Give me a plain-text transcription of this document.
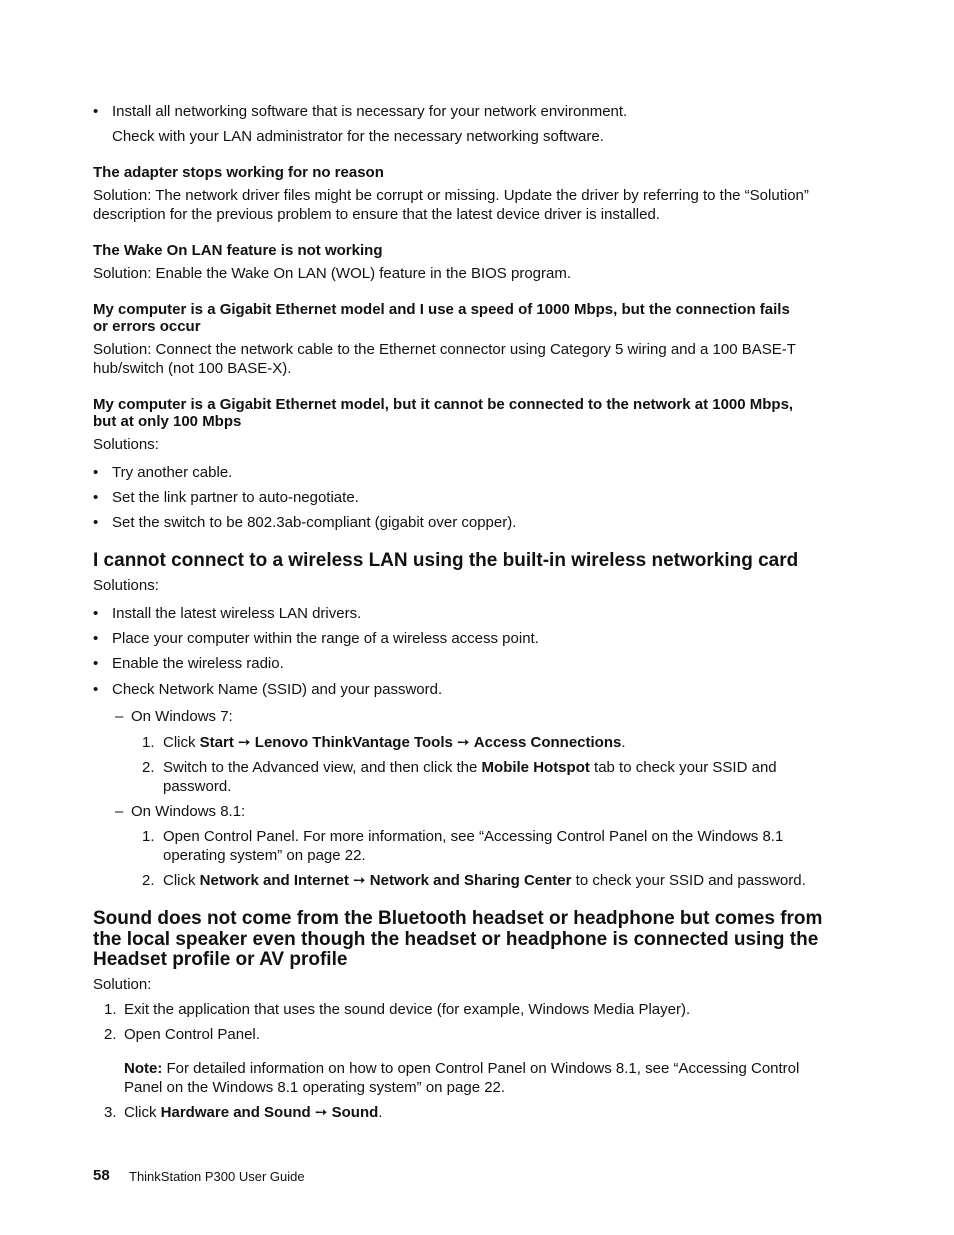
• Install all networking software that is necessary for your network environment.
Check with your LAN administrator for the necessary networking software.
The adapter stops working for no reason
Solution: The network driver files might be corrupt or missing. Update the driver by referring to the “Solution”
description for the previous problem to ensure that the latest device driver is installed.
The Wake On LAN feature is not working
Solution: Enable the Wake On LAN (WOL) feature in the BIOS program.
My computer is a Gigabit Ethernet model and I use a speed of 1000 Mbps, but the connection fails
or errors occur
Solution: Connect the network cable to the Ethernet connector using Category 5 wiring and a 100 BASE-T
hub/switch (not 100 BASE-X).
My computer is a Gigabit Ethernet model, but it cannot be connected to the network at 1000 Mbps,
but at only 100 Mbps
Solutions:
• Try another cable.
• Set the link partner to auto-negotiate.
• Set the switch to be 802.3ab-compliant (gigabit over copper).
I cannot connect to a wireless LAN using the built-in wireless networking card
Solutions:
• Install the latest wireless LAN drivers.
• Place your computer within the range of a wireless access point.
• Enable the wireless radio.
• Check Network Name (SSID) and your password.
– On Windows 7:
1. Click Start ➙ Lenovo ThinkVantage Tools ➙ Access Connections.
2. Switch to the Advanced view, and then click the Mobile Hotspot tab to check your SSID and
password.
– On Windows 8.1:
1. Open Control Panel. For more information, see “Accessing Control Panel on the Windows 8.1
operating system” on page 22.
2. Click Network and Internet ➙ Network and Sharing Center to check your SSID and password.
Sound does not come from the Bluetooth headset or headphone but comes from
the local speaker even though the headset or headphone is connected using the
Headset profile or AV profile
Solution:
1. Exit the application that uses the sound device (for example, Windows Media Player).
2. Open Control Panel.
Note: For detailed information on how to open Control Panel on Windows 8.1, see “Accessing Control
Panel on the Windows 8.1 operating system” on page 22.
3. Click Hardware and Sound ➙ Sound.
58 ThinkStation P300 User Guide
